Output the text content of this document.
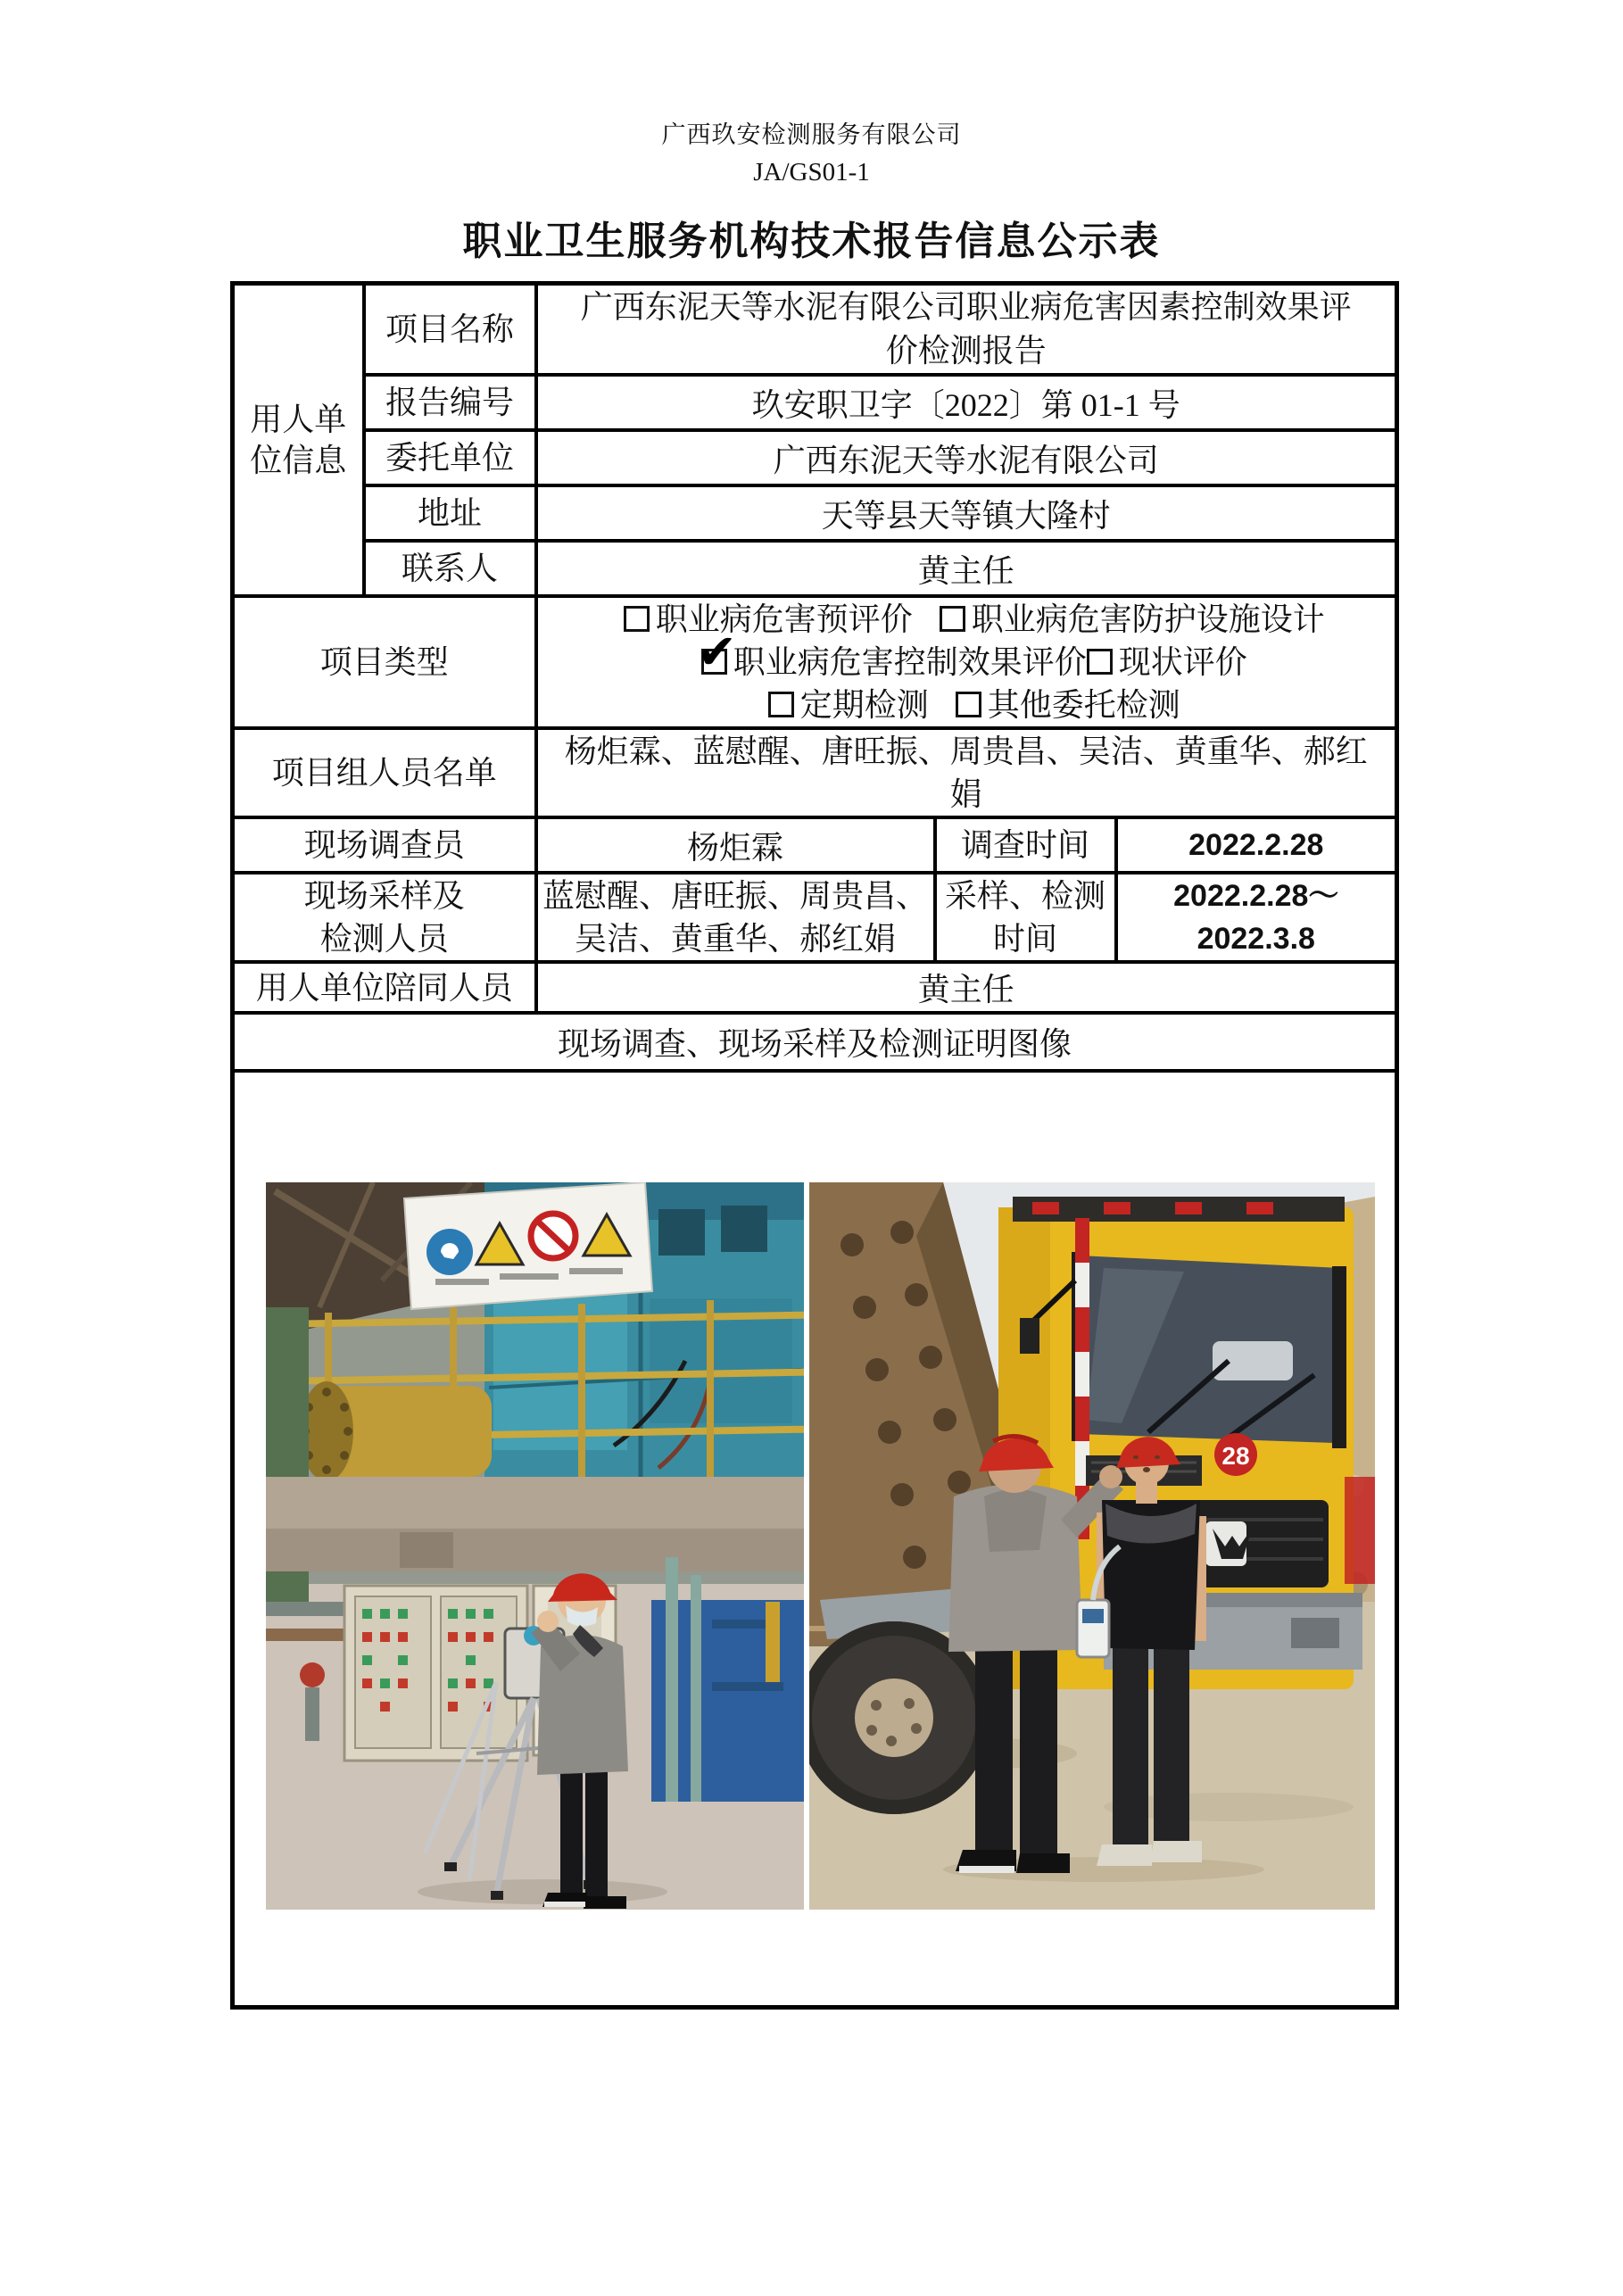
广西玖安检测服务有限公司
JA/GS01-1
职业卫生服务机构技术报告信息公示表
用人单位信息	项目名称	广西东泥天等水泥有限公司职业病危害因素控制效果评价检测报告		
	报告编号	玖安职卫字〔2022〕第 01-1 号		
	委托单位	广西东泥天等水泥有限公司		
	地址	天等县天等镇大隆村		
	联系人	黄主任		
项目类型		职业病危害预评价 职业病危害防护设施设计
✔
职业病危害控制效果评价 现状评价
定期检测 其他委托检测		

项目组人员名单		杨炬霖、蓝慰醒、唐旺振、周贵昌、吴洁、黄重华、郝红娟		
现场调查员		杨炬霖	调查时间	2022.2.28
现场采样及检测人员		蓝慰醒、唐旺振、周贵昌、吴洁、黄重华、郝红娟	采样、检测时间	2022.2.28～2022.3.8
用人单位陪同人员		黄主任		
现场调查、现场采样及检测证明图像				

28				
